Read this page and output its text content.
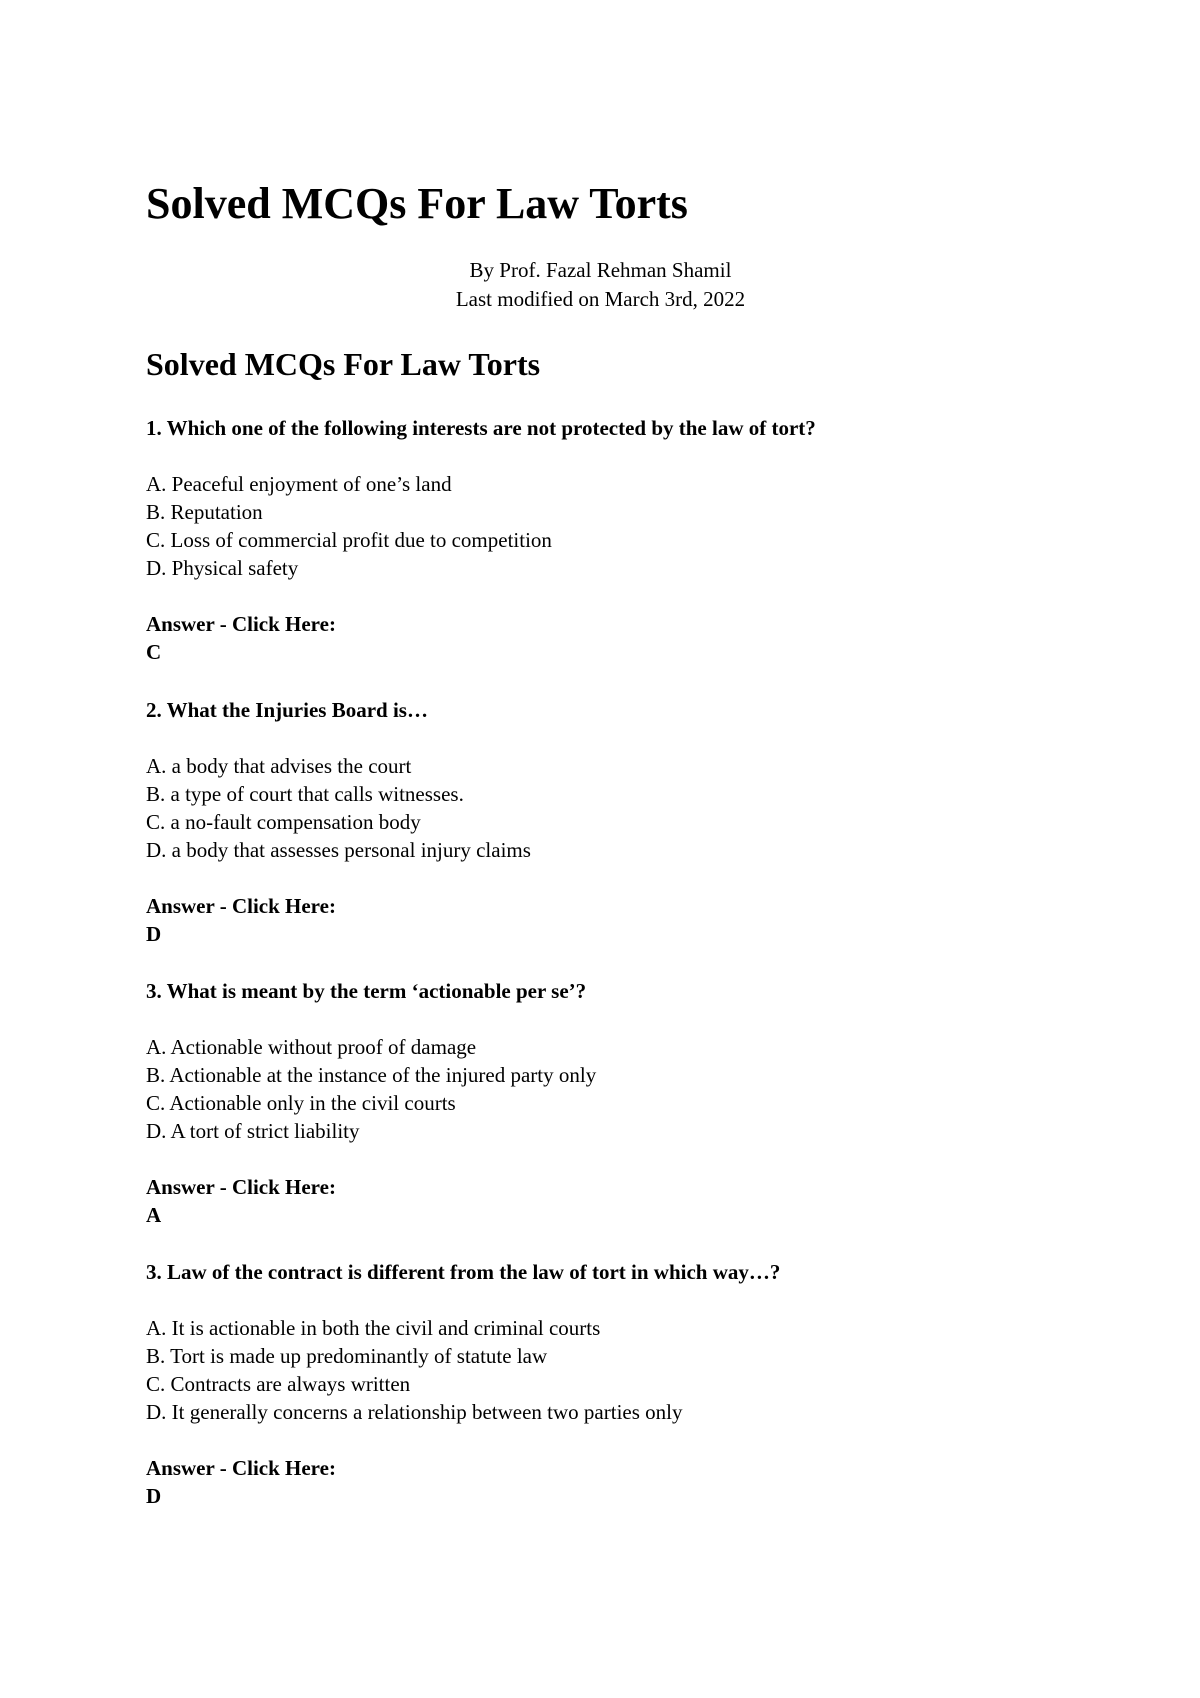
Solved MCQs For Law Torts
By Prof. Fazal Rehman Shamil
Last modified on March 3rd, 2022
Solved MCQs For Law Torts

1. Which one of the following interests are not protected by the law of tort?

A. Peaceful enjoyment of one’s land
B. Reputation
C. Loss of commercial profit due to competition
D. Physical safety

Answer - Click Here:

C

2. What the Injuries Board is…

A. a body that advises the court
B. a type of court that calls witnesses.
C. a no-fault compensation body
D. a body that assesses personal injury claims

Answer - Click Here:

D

3. What is meant by the term ‘actionable per se’?

A. Actionable without proof of damage
B. Actionable at the instance of the injured party only
C. Actionable only in the civil courts
D. A tort of strict liability

Answer - Click Here:

A

3. Law of the contract is different from the law of tort in which way…?

A. It is actionable in both the civil and criminal courts
B. Tort is made up predominantly of statute law
C. Contracts are always written
D. It generally concerns a relationship between two parties only

Answer - Click Here:

D
